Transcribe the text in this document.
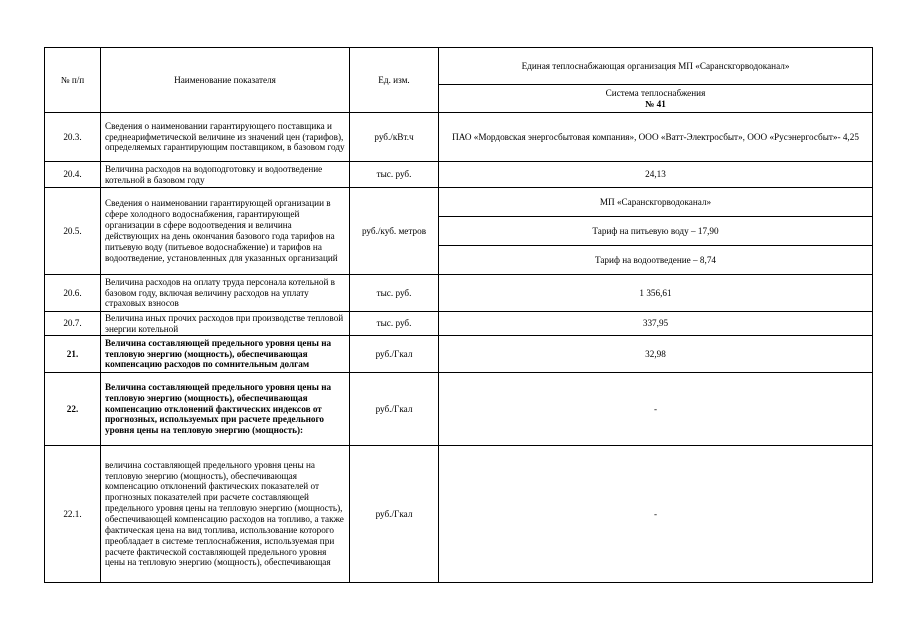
№ п/п	Наименование показателя	Ед. изм.	Единая теплоснабжающая организация МП «Саранскгорводоканал»

			Система теплоснабжения
№ 41

20.3.	Сведения о наименовании гарантирующего поставщика и среднеарифметической величине из значений цен (тарифов), определяемых гарантирующим поставщиком, в базовом году	руб./кВт.ч	ПАО «Мордовская энергосбытовая компания», ООО «Ватт-Электросбыт», ООО «Русэнергосбыт»- 4,25
20.4.	Величина расходов на водоподготовку и водоотведение котельной в базовом году	тыс. руб.	24,13
20.5.	Сведения о наименовании гарантирующей организации в сфере холодного водоснабжения, гарантирующей организации в сфере водоотведения и величина действующих на день окончания базового года тарифов на питьевую воду (питьевое водоснабжение) и тарифов на водоотведение, установленных для указанных организаций	руб./куб. метров	МП «Саранскгорводоканал»
			Тариф на питьевую воду – 17,90
			Тариф на водоотведение – 8,74
20.6.	Величина расходов на оплату труда персонала котельной в базовом году, включая величину расходов на уплату страховых взносов	тыс. руб.	1 356,61
20.7.	Величина иных прочих расходов при производстве тепловой энергии котельной	тыс. руб.	337,95
21.	Величина составляющей предельного уровня цены на тепловую энергию (мощность), обеспечивающая компенсацию расходов по сомнительным долгам	руб./Гкал	32,98
22.	Величина составляющей предельного уровня цены на тепловую энергию (мощность), обеспечивающая компенсацию отклонений фактических индексов от прогнозных, используемых при расчете предельного уровня цены на тепловую энергию (мощность):	руб./Гкал	-
22.1.	величина составляющей предельного уровня цены на тепловую энергию (мощность), обеспечивающая компенсацию отклонений фактических показателей от прогнозных показателей при расчете составляющей предельного уровня цены на тепловую энергию (мощность), обеспечивающей компенсацию расходов на топливо, а также фактическая цена на вид топлива, использование которого преобладает в системе теплоснабжения, используемая при расчете фактической составляющей предельного уровня цены на тепловую энергию (мощность), обеспечивающая	руб./Гкал	-
